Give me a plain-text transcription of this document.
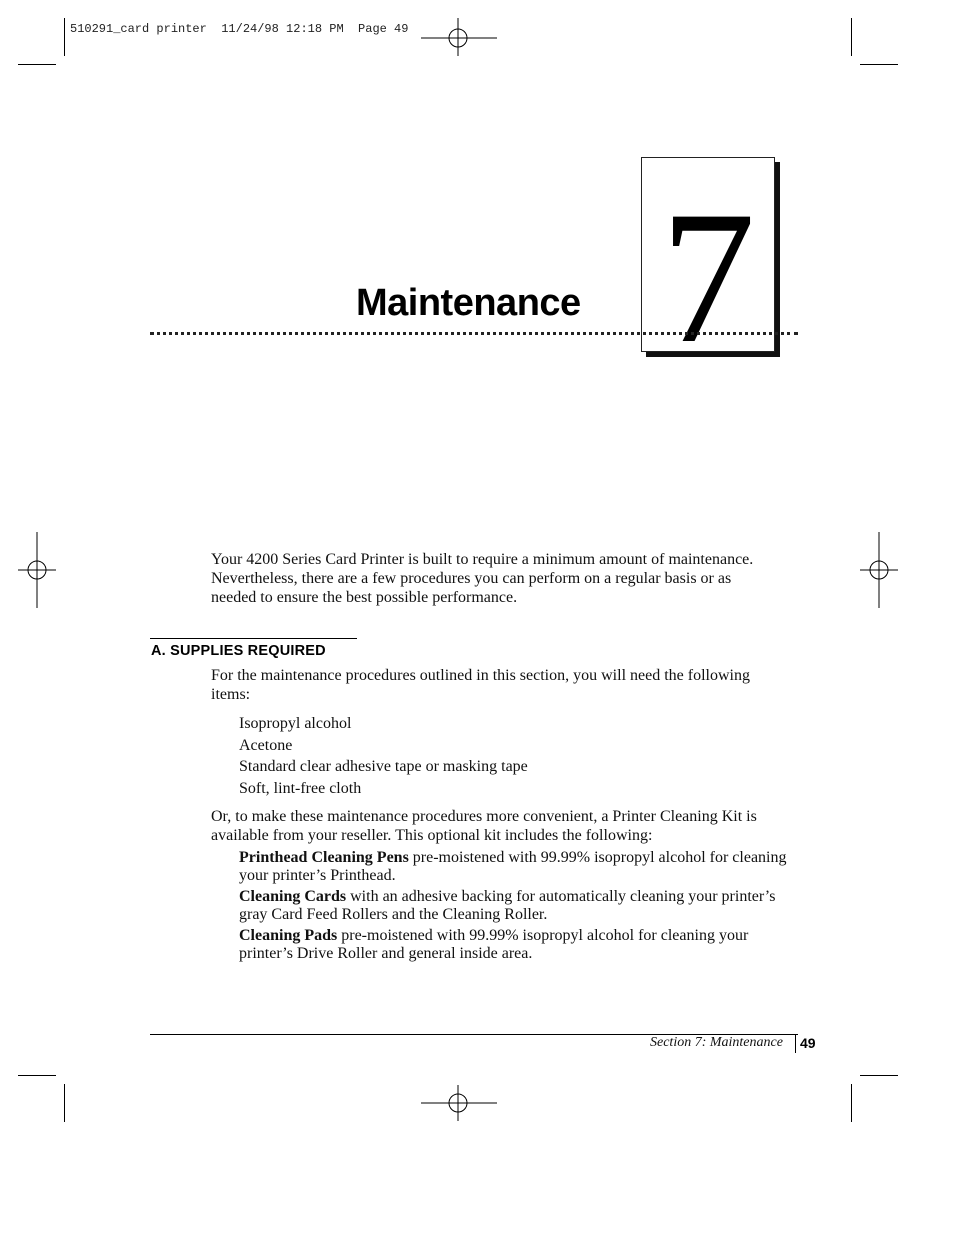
510291_card printer  11/24/98 12:18 PM  Page 49
Maintenance 7

Your 4200 Series Card Printer is built to require a minimum amount of maintenance. Nevertheless, there are a few procedures you can perform on a regular basis or as needed to ensure the best possible performance.

A. SUPPLIES REQUIRED

For the maintenance procedures outlined in this section, you will need the following items:

Isopropyl alcohol
Acetone
Standard clear adhesive tape or masking tape
Soft, lint-free cloth

Or, to make these maintenance procedures more convenient, a Printer Cleaning Kit is available from your reseller. This optional kit includes the following:

Printhead Cleaning Pens pre-moistened with 99.99% isopropyl alcohol for cleaning your printer’s Printhead.
Cleaning Cards with an adhesive backing for automatically cleaning your printer’s gray Card Feed Rollers and the Cleaning Roller.
Cleaning Pads pre-moistened with 99.99% isopropyl alcohol for cleaning your printer’s Drive Roller and general inside area.
Section 7: Maintenance 49
